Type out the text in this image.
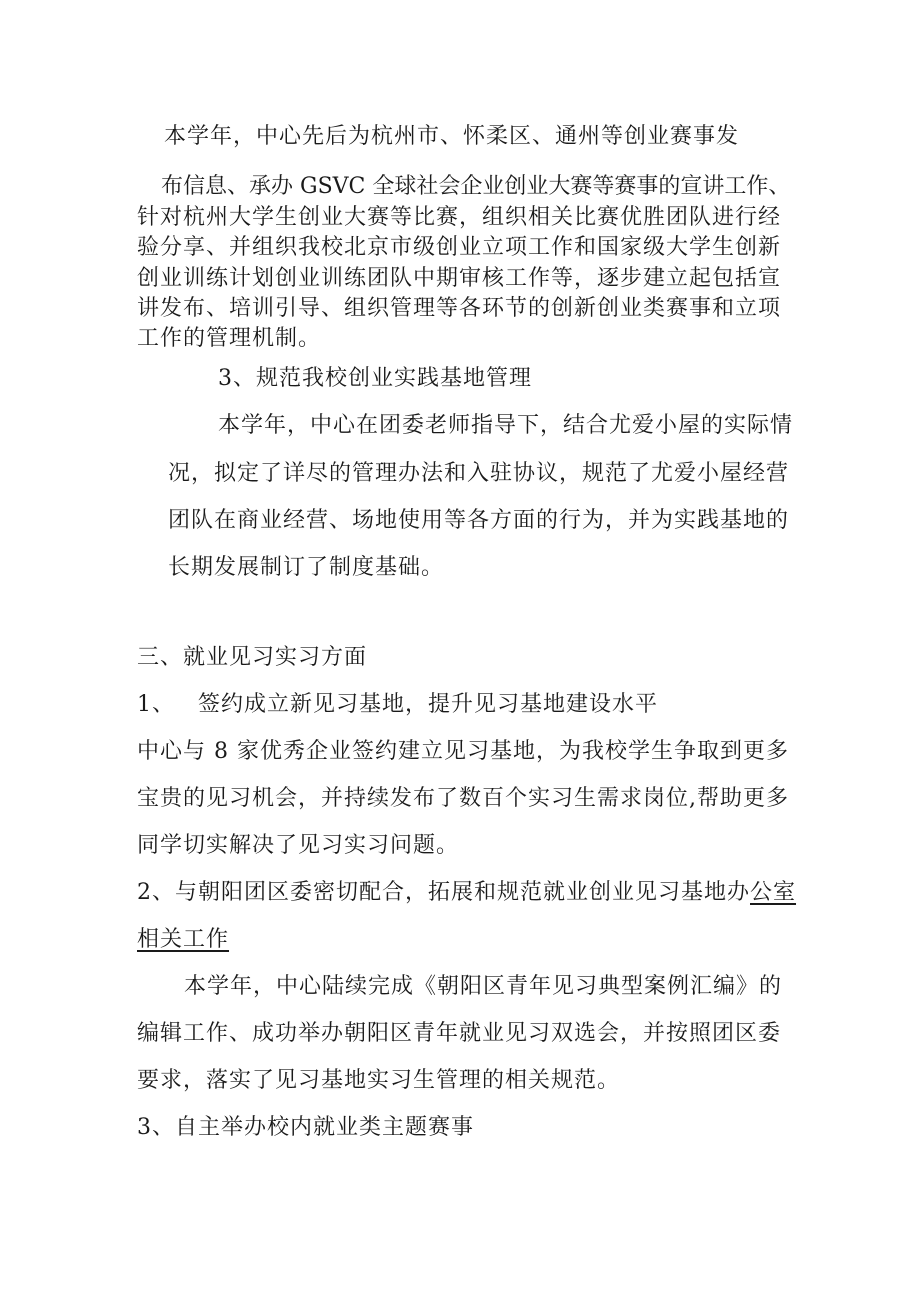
本学年，中心先后为杭州市、怀柔区、通州等创业赛事发
布信息、承办 GSVC 全球社会企业创业大赛等赛事的宣讲工作、
针对杭州大学生创业大赛等比赛，组织相关比赛优胜团队进行经
验分享、并组织我校北京市级创业立项工作和国家级大学生创新
创业训练计划创业训练团队中期审核工作等，逐步建立起包括宣
讲发布、培训引导、组织管理等各环节的创新创业类赛事和立项
工作的管理机制。
3、规范我校创业实践基地管理
本学年，中心在团委老师指导下，结合尤爱小屋的实际情
况，拟定了详尽的管理办法和入驻协议，规范了尤爱小屋经营
团队在商业经营、场地使用等各方面的行为，并为实践基地的
长期发展制订了制度基础。
三、就业见习实习方面
1、 签约成立新见习基地，提升见习基地建设水平
中心与 8 家优秀企业签约建立见习基地，为我校学生争取到更多
宝贵的见习机会，并持续发布了数百个实习生需求岗位,帮助更多
同学切实解决了见习实习问题。
2、与朝阳团区委密切配合，拓展和规范就业创业见习基地办公室
相关工作
本学年，中心陆续完成《朝阳区青年见习典型案例汇编》的
编辑工作、成功举办朝阳区青年就业见习双选会，并按照团区委
要求，落实了见习基地实习生管理的相关规范。
3、自主举办校内就业类主题赛事
